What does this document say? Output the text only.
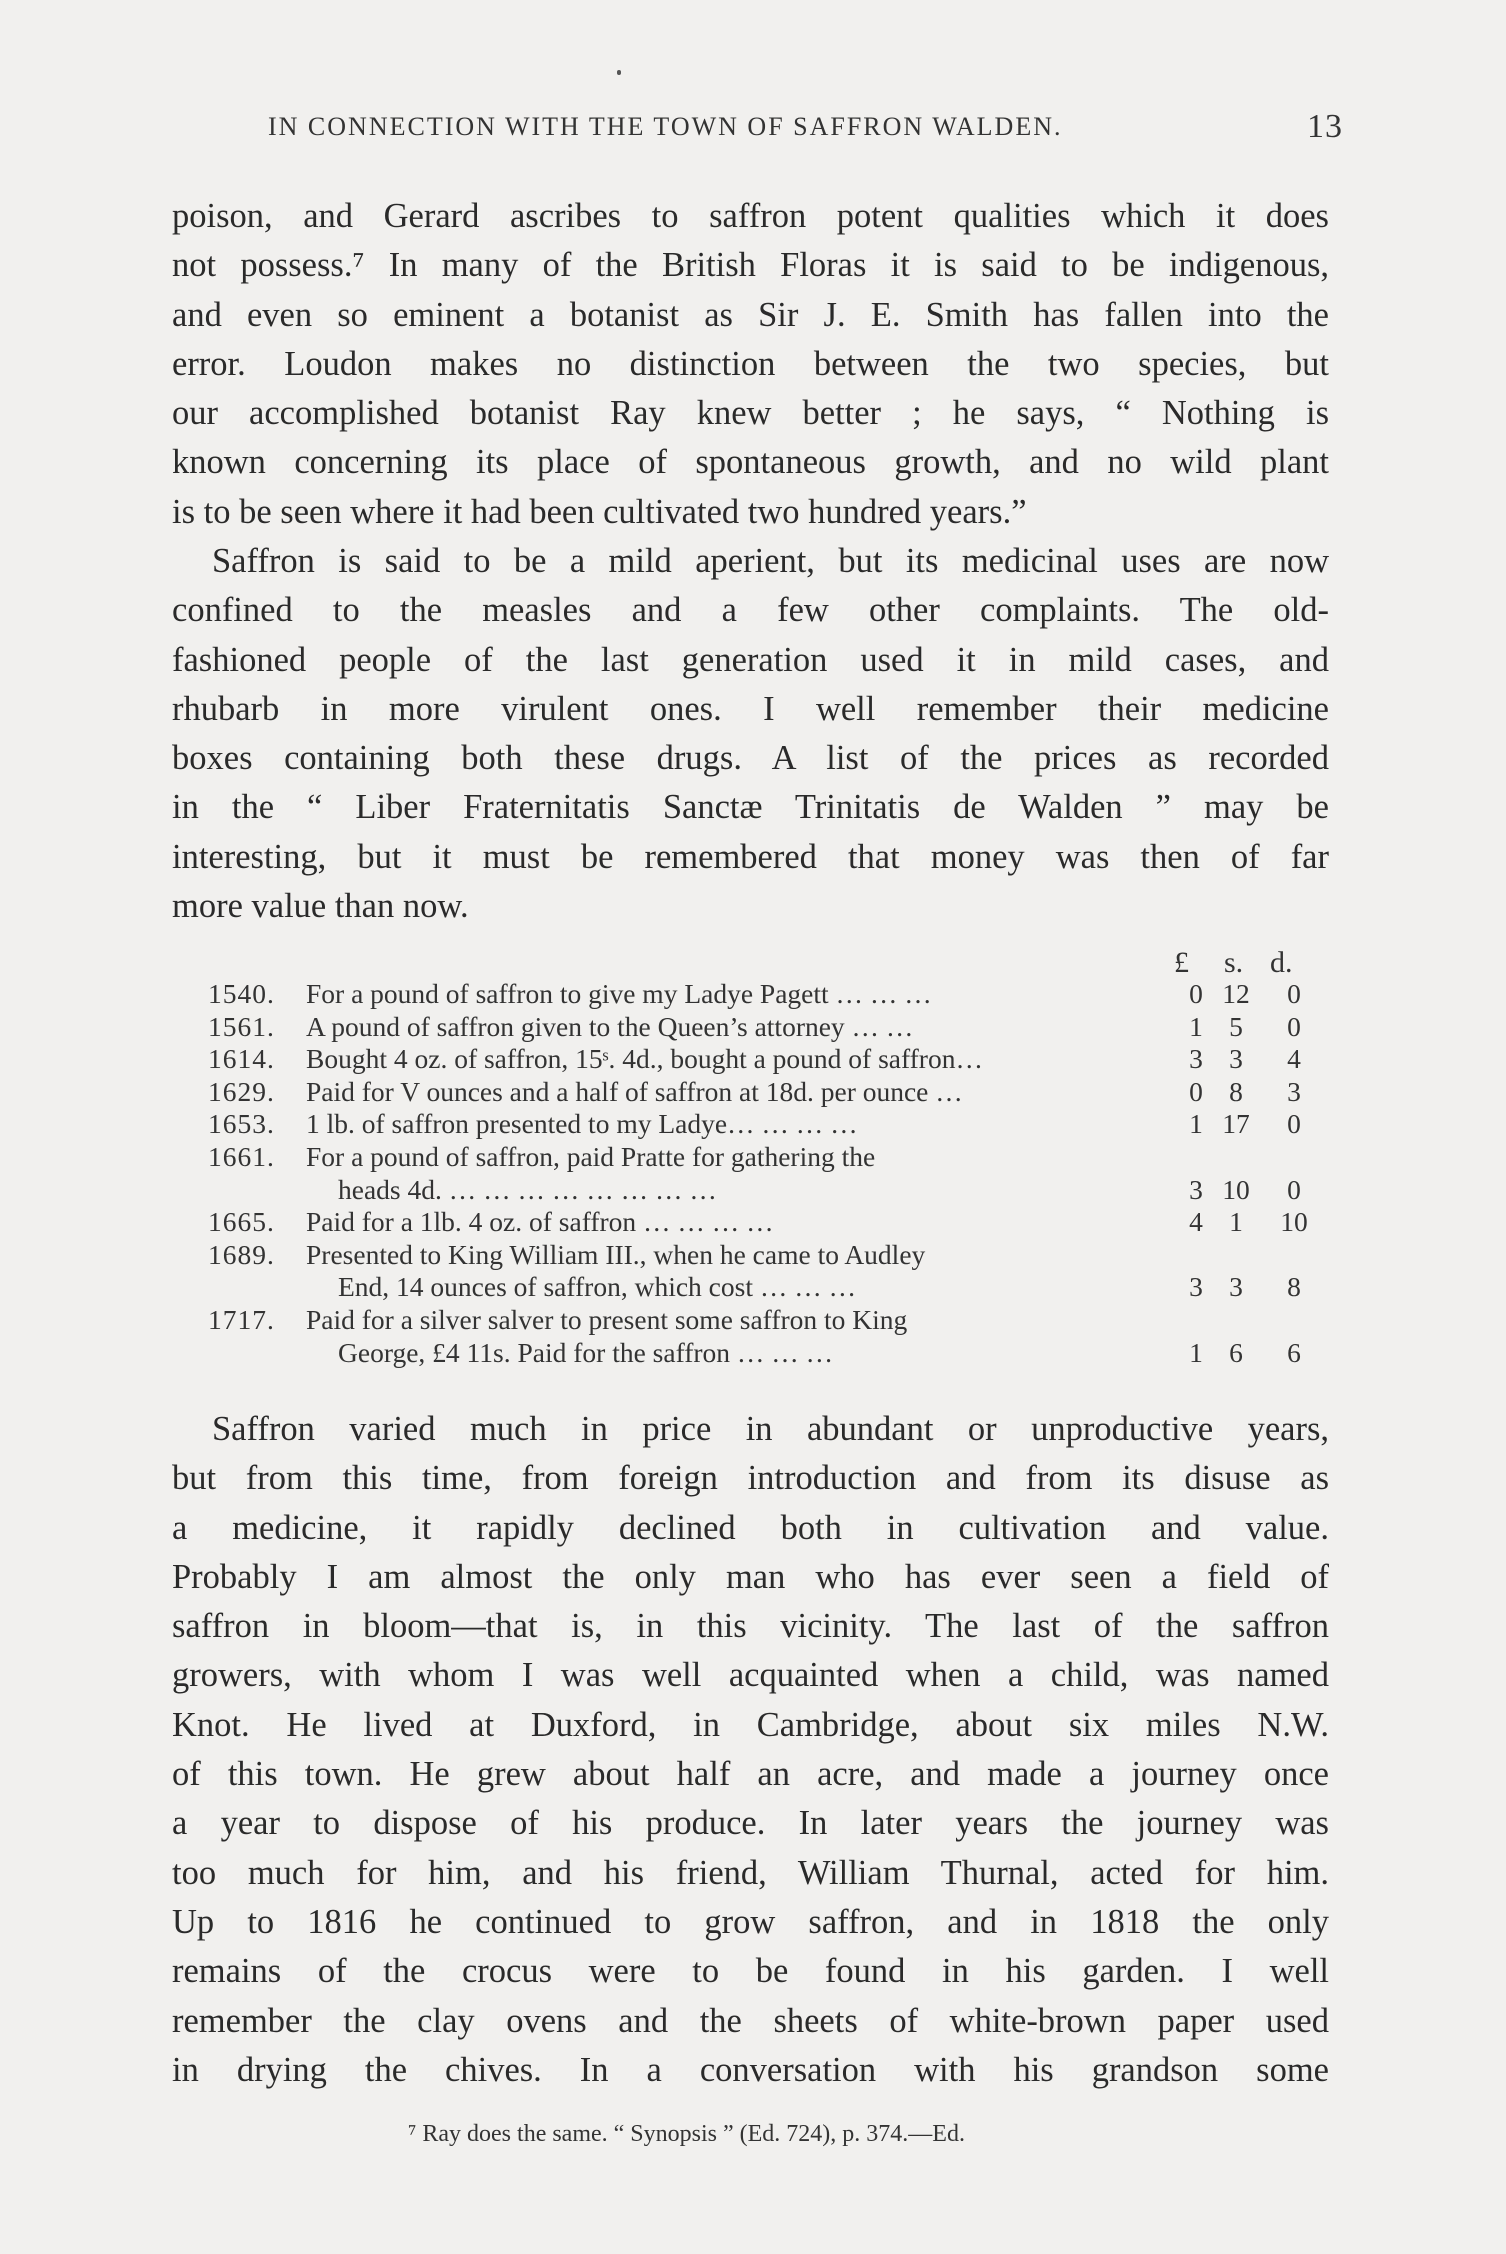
IN CONNECTION WITH THE TOWN OF SAFFRON WALDEN.	13
poison, and Gerard ascribes to saffron potent qualities which it does
not possess.⁷ In many of the British Floras it is said to be indigenous,
and even so eminent a botanist as Sir J. E. Smith has fallen into the
error. Loudon makes no distinction between the two species, but
our accomplished botanist Ray knew better ; he says, “ Nothing is
known concerning its place of spontaneous growth, and no wild plant
is to be seen where it had been cultivated two hundred years.”
Saffron is said to be a mild aperient, but its medicinal uses are now
confined to the measles and a few other complaints. The old-
fashioned people of the last generation used it in mild cases, and
rhubarb in more virulent ones. I well remember their medicine
boxes containing both these drugs. A list of the prices as recorded
in the “ Liber Fraternitatis Sanctæ Trinitatis de Walden ” may be
interesting, but it must be remembered that money was then of far
more value than now.
£ s. d.
1540. For a pound of saffron to give my Ladye Pagett … … …	0 12	0
1561. A pound of saffron given to the Queen’s attorney … …	1 5	0
1614. Bought 4 oz. of saffron, 15ˢ. 4d., bought a pound of saffron…	3 3	4
1629. Paid for V ounces and a half of saffron at 18d. per ounce …	0 8	3
1653. 1 lb. of saffron presented to my Ladye… … … …	1 17	0
1661. For a pound of saffron, paid Pratte for gathering the
heads 4d. … … … … … … … …	3 10	0
1665. Paid for a 1lb. 4 oz. of saffron … … … …	4 1	10
1689. Presented to King William III., when he came to Audley
End, 14 ounces of saffron, which cost … … …	3 3	8
1717. Paid for a silver salver to present some saffron to King
George, £4 11s. Paid for the saffron … … …	1 6	6
Saffron varied much in price in abundant or unproductive years,
but from this time, from foreign introduction and from its disuse as
a medicine, it rapidly declined both in cultivation and value.
Probably I am almost the only man who has ever seen a field of
saffron in bloom—that is, in this vicinity. The last of the saffron
growers, with whom I was well acquainted when a child, was named
Knot. He lived at Duxford, in Cambridge, about six miles N.W.
of this town. He grew about half an acre, and made a journey once
a year to dispose of his produce. In later years the journey was
too much for him, and his friend, William Thurnal, acted for him.
Up to 1816 he continued to grow saffron, and in 1818 the only
remains of the crocus were to be found in his garden. I well
remember the clay ovens and the sheets of white-brown paper used
in drying the chives. In a conversation with his grandson some
⁷ Ray does the same. “ Synopsis ” (Ed. 724), p. 374.—Ed.
